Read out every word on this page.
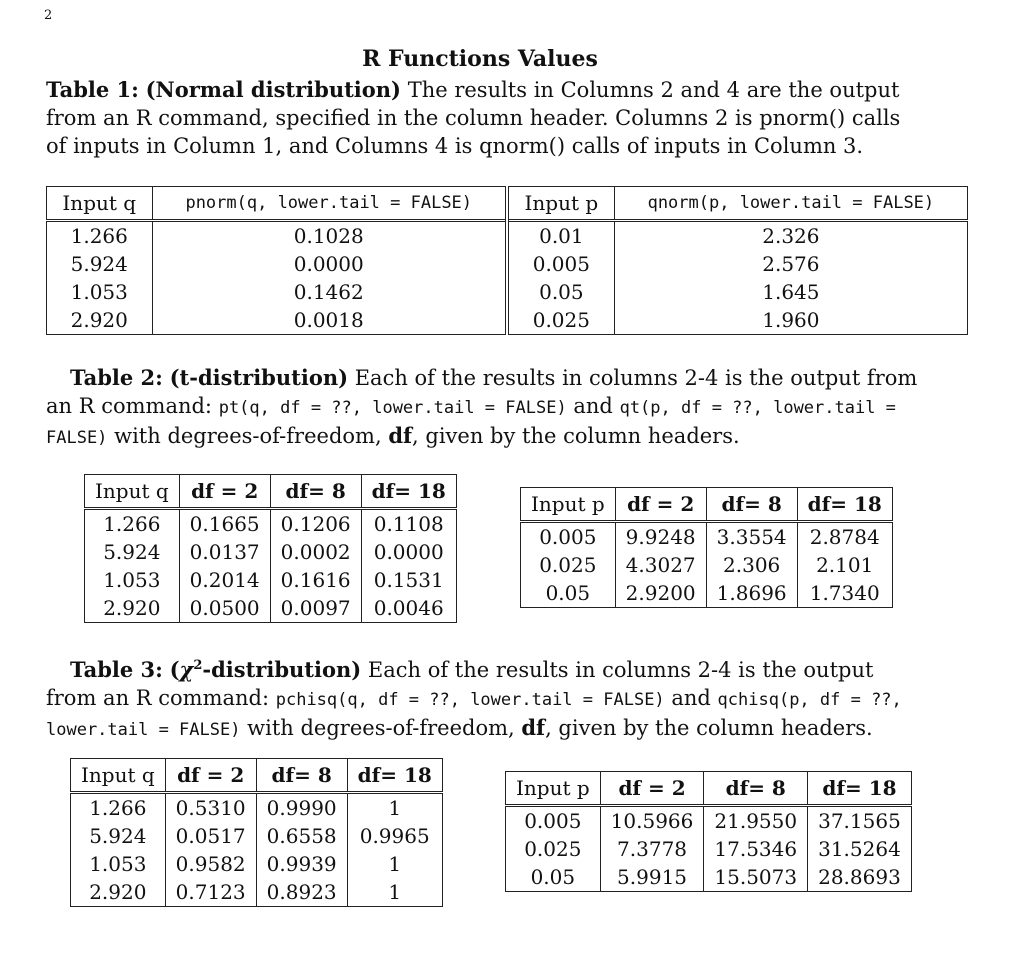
2
R Functions Values
Table 1: (Normal distribution) The results in Columns 2 and 4 are the output from an R command, specified in the column header. Columns 2 is pnorm() calls of inputs in Column 1, and Columns 4 is qnorm() calls of inputs in Column 3.
Input q	pnorm(q, lower.tail = FALSE)	Input p	qnorm(p, lower.tail = FALSE)
1.266	0.1028	0.01	2.326
5.924	0.0000	0.005	2.576
1.053	0.1462	0.05	1.645
2.920	0.0018	0.025	1.960
Table 2: (t-distribution) Each of the results in columns 2-4 is the output from an R command: pt(q, df = ??, lower.tail = FALSE) and qt(p, df = ??, lower.tail = FALSE) with degrees-of-freedom, df, given by the column headers.
Input q	df = 2	df= 8	df= 18
1.266	0.1665	0.1206	0.1108
5.924	0.0137	0.0002	0.0000
1.053	0.2014	0.1616	0.1531
2.920	0.0500	0.0097	0.0046
Input p	df = 2	df= 8	df= 18
0.005	9.9248	3.3554	2.8784
0.025	4.3027	2.306	2.101
0.05	2.9200	1.8696	1.7340
Table 3: $(\chi^2-distribution)$ Each of the results in columns 2-4 is the output from an R command: pchisq(q, df = ??, lower.tail = FALSE) and qchisq(p, df = ??, lower.tail = FALSE) with degrees-of-freedom, df, given by the column headers.
Input q	df = 2	df= 8	df= 18
1.266	0.5310	0.9990	1
5.924	0.0517	0.6558	0.9965
1.053	0.9582	0.9939	1
2.920	0.7123	0.8923	1
Input p	df = 2	df= 8	df= 18
0.005	10.5966	21.9550	37.1565
0.025	7.3778	17.5346	31.5264
0.05	5.9915	15.5073	28.8693
